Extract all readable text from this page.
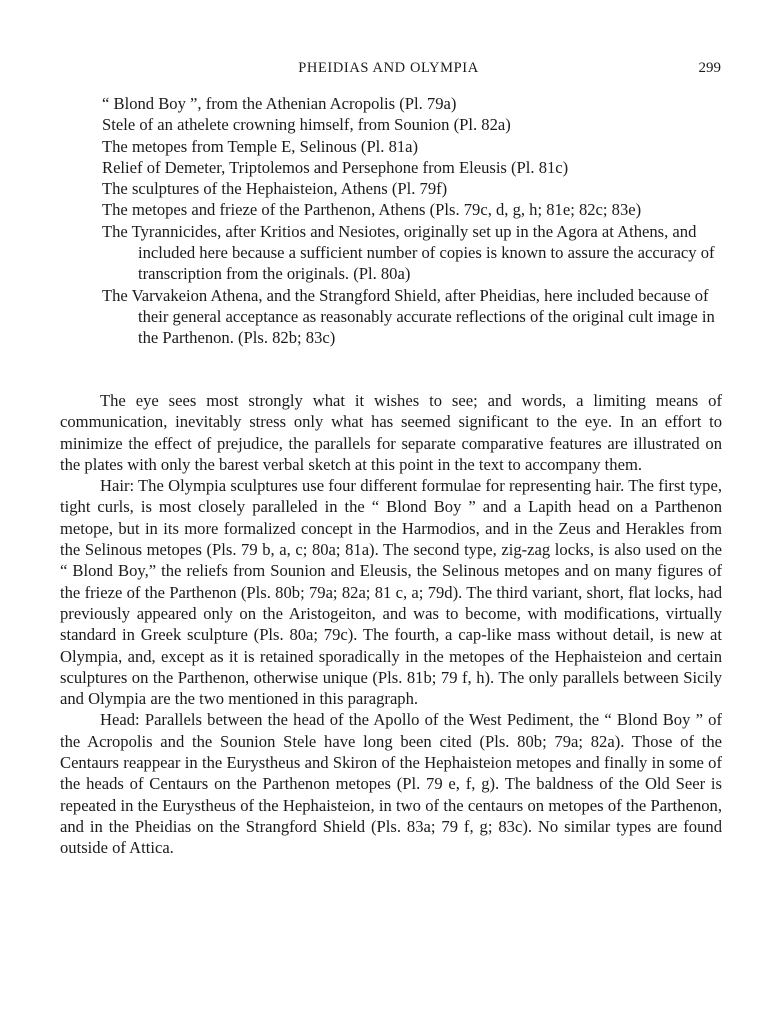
PHEIDIAS AND OLYMPIA	299

“ Blond Boy ”, from the Athenian Acropolis (Pl. 79a)

Stele of an athelete crowning himself, from Sounion (Pl. 82a)

The metopes from Temple E, Selinous (Pl. 81a)

Relief of Demeter, Triptolemos and Persephone from Eleusis (Pl. 81c)

The sculptures of the Hephaisteion, Athens (Pl. 79f)

The metopes and frieze of the Parthenon, Athens (Pls. 79c, d, g, h; 81e; 82c; 83e)

The Tyrannicides, after Kritios and Nesiotes, originally set up in the Agora at Athens, and included here because a sufficient number of copies is known to assure the accuracy of transcription from the originals. (Pl. 80a)

The Varvakeion Athena, and the Strangford Shield, after Pheidias, here included because of their general acceptance as reasonably accurate reflections of the original cult image in the Parthenon. (Pls. 82b; 83c)

The eye sees most strongly what it wishes to see; and words, a limiting means of communication, inevitably stress only what has seemed significant to the eye. In an effort to minimize the effect of prejudice, the parallels for separate comparative features are illustrated on the plates with only the barest verbal sketch at this point in the text to accompany them.

Hair: The Olympia sculptures use four different formulae for representing hair. The first type, tight curls, is most closely paralleled in the “ Blond Boy ” and a Lapith head on a Parthenon metope, but in its more formalized concept in the Harmodios, and in the Zeus and Herakles from the Selinous metopes (Pls. 79 b, a, c; 80a; 81a). The second type, zig-zag locks, is also used on the “ Blond Boy,” the reliefs from Sounion and Eleusis, the Selinous metopes and on many figures of the frieze of the Parthenon (Pls. 80b; 79a; 82a; 81 c, a; 79d). The third variant, short, flat locks, had previously appeared only on the Aristogeiton, and was to become, with modifications, virtually standard in Greek sculpture (Pls. 80a; 79c). The fourth, a cap-like mass without detail, is new at Olympia, and, except as it is retained sporadically in the metopes of the Hephaisteion and certain sculptures on the Parthenon, otherwise unique (Pls. 81b; 79 f, h). The only parallels between Sicily and Olympia are the two mentioned in this paragraph.

Head: Parallels between the head of the Apollo of the West Pediment, the “ Blond Boy ” of the Acropolis and the Sounion Stele have long been cited (Pls. 80b; 79a; 82a). Those of the Centaurs reappear in the Eurystheus and Skiron of the Hephaisteion metopes and finally in some of the heads of Centaurs on the Parthenon metopes (Pl. 79 e, f, g). The baldness of the Old Seer is repeated in the Eurystheus of the Hephaisteion, in two of the centaurs on metopes of the Parthenon, and in the Pheidias on the Strangford Shield (Pls. 83a; 79 f, g; 83c). No similar types are found outside of Attica.
